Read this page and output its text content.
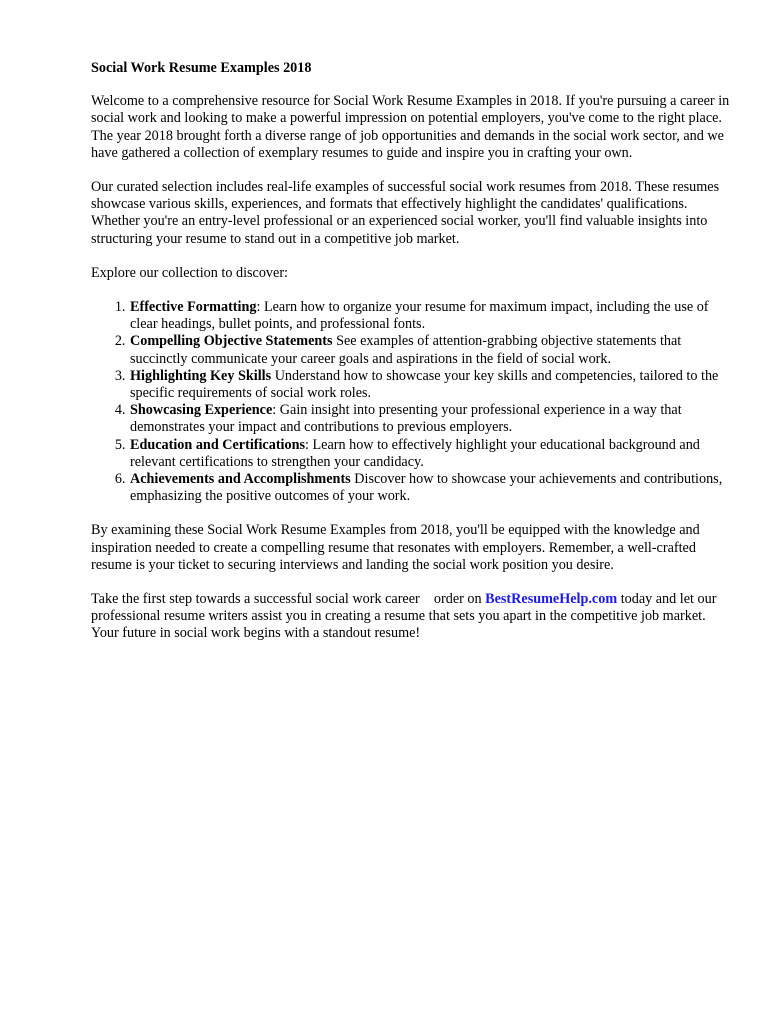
Social Work Resume Examples 2018

Welcome to a comprehensive resource for Social Work Resume Examples in 2018. If you're pursuing a career in social work and looking to make a powerful impression on potential employers, you've come to the right place. The year 2018 brought forth a diverse range of job opportunities and demands in the social work sector, and we have gathered a collection of exemplary resumes to guide and inspire you in crafting your own.

Our curated selection includes real-life examples of successful social work resumes from 2018. These resumes showcase various skills, experiences, and formats that effectively highlight the candidates' qualifications. Whether you're an entry-level professional or an experienced social worker, you'll find valuable insights into structuring your resume to stand out in a competitive job market.

Explore our collection to discover:

1. Effective Formatting: Learn how to organize your resume for maximum impact, including the use of clear headings, bullet points, and professional fonts.
2. Compelling Objective Statements See examples of attention-grabbing objective statements that succinctly communicate your career goals and aspirations in the field of social work.
3. Highlighting Key Skills Understand how to showcase your key skills and competencies, tailored to the specific requirements of social work roles.
4. Showcasing Experience: Gain insight into presenting your professional experience in a way that demonstrates your impact and contributions to previous employers.
5. Education and Certifications: Learn how to effectively highlight your educational background and relevant certifications to strengthen your candidacy.
6. Achievements and Accomplishments Discover how to showcase your achievements and contributions, emphasizing the positive outcomes of your work.

By examining these Social Work Resume Examples from 2018, you'll be equipped with the knowledge and inspiration needed to create a compelling resume that resonates with employers. Remember, a well-crafted resume is your ticket to securing interviews and landing the social work position you desire.

Take the first step towards a successful social work career    order on BestResumeHelp.com today and let our professional resume writers assist you in creating a resume that sets you apart in the competitive job market. Your future in social work begins with a standout resume!
